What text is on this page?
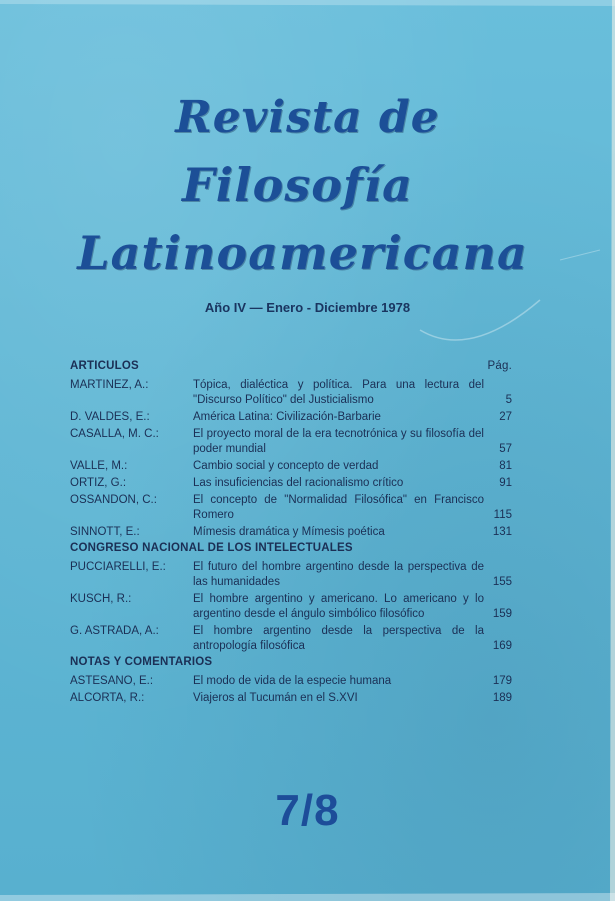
Revista de
Filosofía
Latinoamericana
Año IV — Enero - Diciembre 1978
ARTICULOS	Pág.
MARTINEZ, A.:	Tópica, dialéctica y política. Para una lectura del "Discurso Político" del Justicialismo	5
D. VALDES, E.:	América Latina: Civilización-Barbarie	27
CASALLA, M. C.:	El proyecto moral de la era tecnotrónica y su filosofía del poder mundial	57
VALLE, M.:	Cambio social y concepto de verdad	81
ORTIZ, G.:	Las insuficiencias del racionalismo crítico	91
OSSANDON, C.:	El concepto de "Normalidad Filosófica" en Francisco Romero	115
SINNOTT, E.:	Mímesis dramática y Mímesis poética	131
CONGRESO NACIONAL DE LOS INTELECTUALES
PUCCIARELLI, E.:	El futuro del hombre argentino desde la perspectiva de las humanidades	155
KUSCH, R.:	El hombre argentino y americano. Lo americano y lo argentino desde el ángulo simbólico filosófico	159
G. ASTRADA, A.:	El hombre argentino desde la perspectiva de la antropología filosófica	169
NOTAS Y COMENTARIOS
ASTESANO, E.:	El modo de vida de la especie humana	179
ALCORTA, R.:	Viajeros al Tucumán en el S.XVI	189
7/8
